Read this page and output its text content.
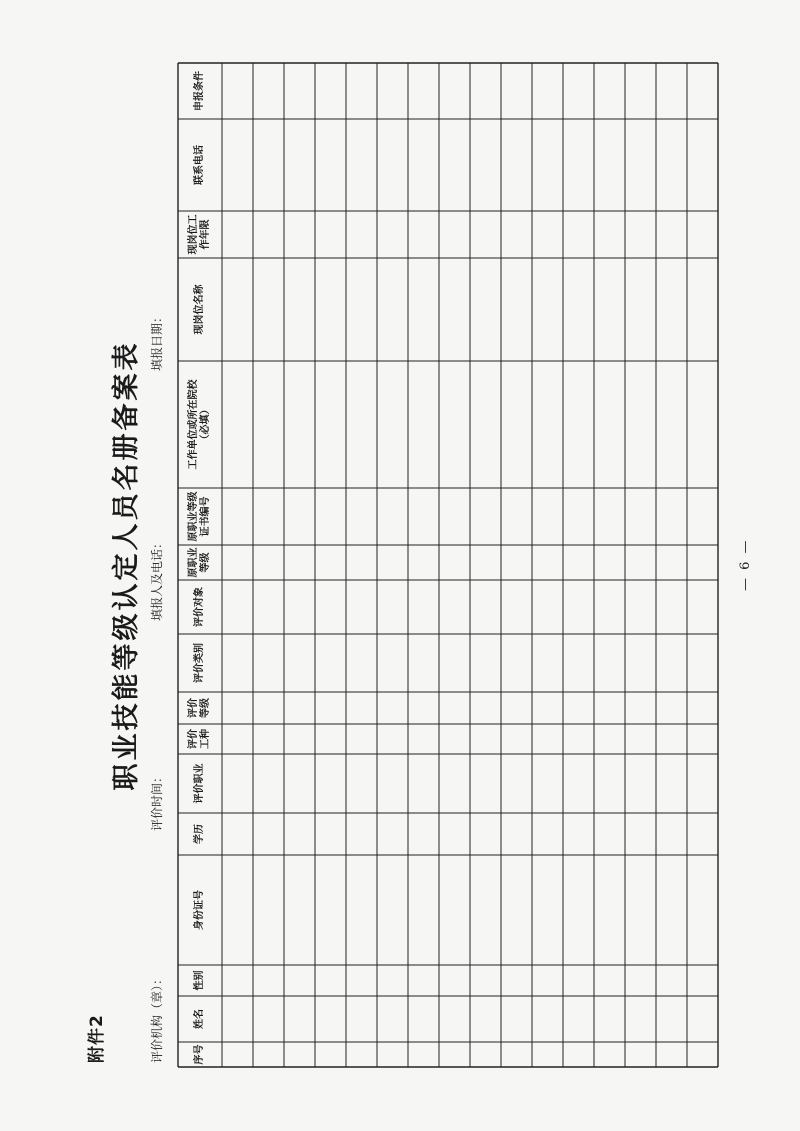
附件2
职业技能等级认定人员名册备案表
评价机构（章）：
评价时间：
填报人及电话：
填报日期：
序号
姓名
性别
身份证号
学历
评价职业
评价
工种
评价
等级
评价类别
评价对象
原职业
等级
原职业等级
证书编号
工作单位或所在院校
（必填）
现岗位名称
现岗位工
作年限
联系电话
申报条件
— 6 —
